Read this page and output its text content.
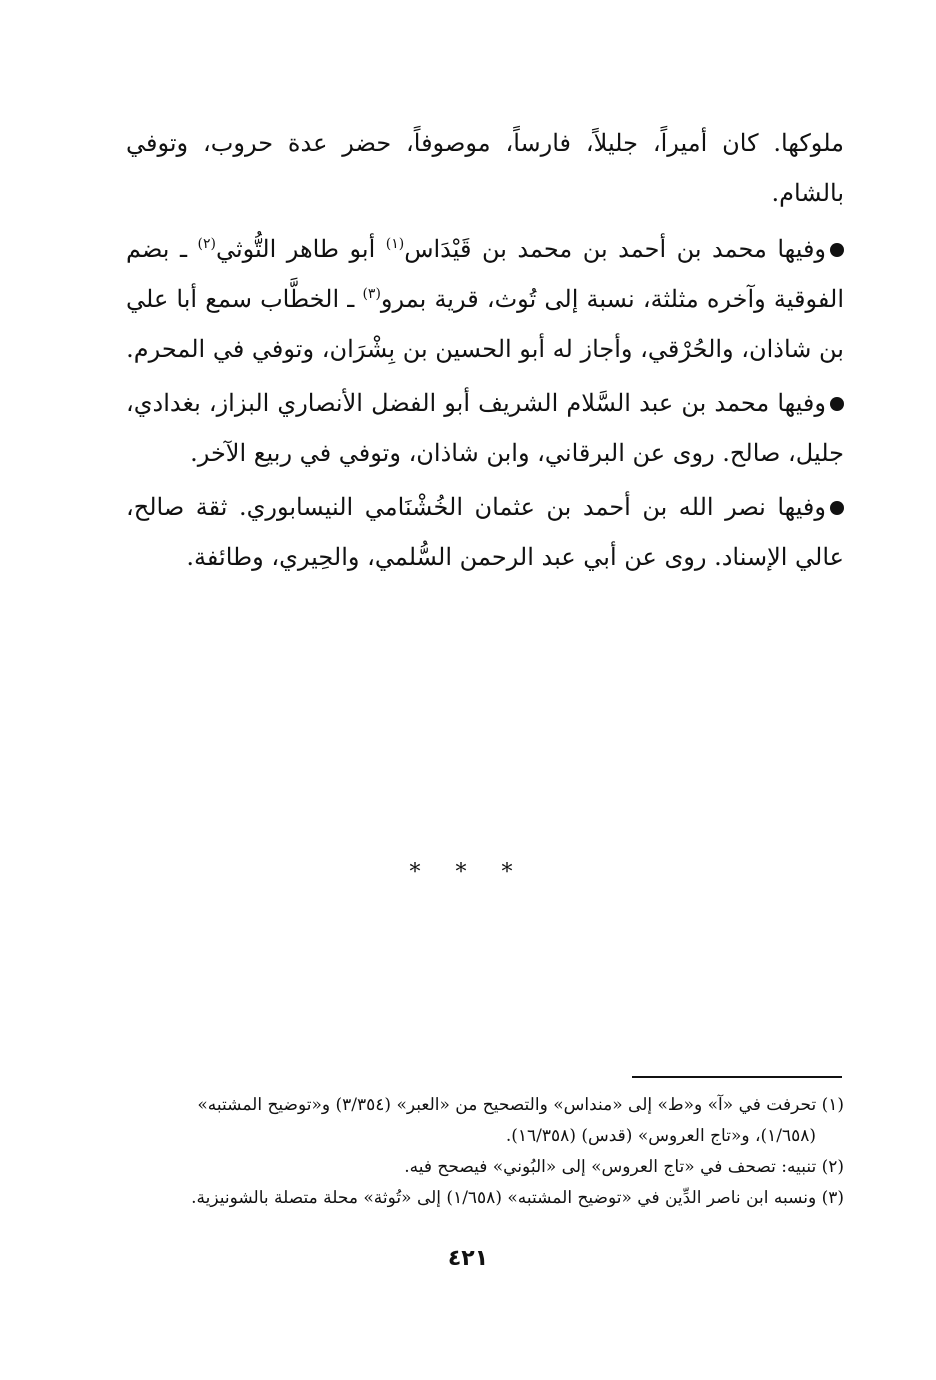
ملوكها. كان أميراً، جليلاً، فارساً، موصوفاً، حضر عدة حروب، وتوفي بالشام.

وفيها محمد بن أحمد بن محمد بن قَيْدَاس$^{(١)}$ أبو طاهر التُّوثي$^{(٢)}$ ـ بضم الفوقية وآخره مثلثة، نسبة إلى تُوث، قرية بمرو$^{(٣)}$ ـ الخطَّاب سمع أبا علي بن شاذان، والحُرْقي، وأجاز له أبو الحسين بن بِشْرَان، وتوفي في المحرم.

وفيها محمد بن عبد السَّلام الشريف أبو الفضل الأنصاري البزاز، بغدادي، جليل، صالح. روى عن البرقاني، وابن شاذان، وتوفي في ربيع الآخر.

وفيها نصر الله بن أحمد بن عثمان الخُشْنَامي النيسابوري. ثقة صالح، عالي الإسناد. روى عن أبي عبد الرحمن السُّلمي، والحِيري، وطائفة.

* * *

(١) تحرفت في «آ» و«ط» إلى «منداس» والتصحيح من «العبر» (٣/٣٥٤) و«توضيح المشتبه»

(١/٦٥٨)، و«تاج العروس» (قدس) (١٦/٣٥٨).

(٢) تنبيه: تصحف في «تاج العروس» إلى «البُوني» فيصحح فيه.

(٣) ونسبه ابن ناصر الدِّين في «توضيح المشتبه» (١/٦٥٨) إلى «تُوثة» محلة متصلة بالشونيزية.

٤٢١
